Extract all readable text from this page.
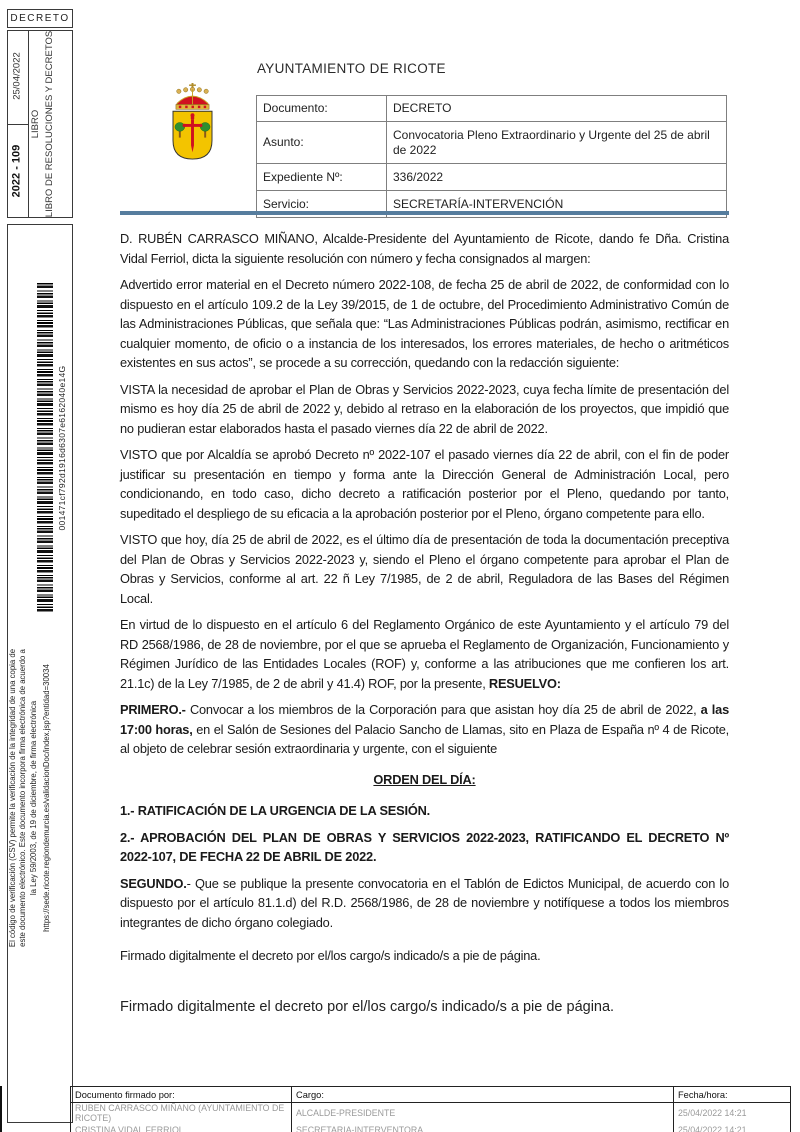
DECRETO
25/04/2022
2022 - 109
LIBRO LIBRO DE RESOLUCIONES Y DECRETOS
001471cf792d1916d6307e6162040e14G
El código de verificación (CSV) permite la verificación de la integridad de una copia de este documento electrónico. Este documento incorpora firma electrónica de acuerdo a la Ley 59/2003, de 19 de diciembre, de firma electrónica https://sede.ricote.regiondemurcia.es/validacionDoc/index.jsp?entidad=30034
AYUNTAMIENTO DE RICOTE
Documento:	DECRETO
Asunto:	Convocatoria Pleno Extraordinario y Urgente del 25 de abril de 2022
Expediente Nº:	336/2022
Servicio:	SECRETARÍA-INTERVENCIÓN

D. RUBÉN CARRASCO MIÑANO, Alcalde-Presidente del Ayuntamiento de Ricote, dando fe Dña. Cristina Vidal Ferriol, dicta la siguiente resolución con número y fecha consignados al margen:

Advertido error material en el Decreto número 2022-108, de fecha 25 de abril de 2022, de conformidad con lo dispuesto en el artículo 109.2 de la Ley 39/2015, de 1 de octubre, del Procedimiento Administrativo Común de las Administraciones Públicas, que señala que: “Las Administraciones Públicas podrán, asimismo, rectificar en cualquier momento, de oficio o a instancia de los interesados, los errores materiales, de hecho o aritméticos existentes en sus actos”, se procede a su corrección, quedando con la redacción siguiente:

VISTA la necesidad de aprobar el Plan de Obras y Servicios 2022-2023, cuya fecha límite de presentación del mismo es hoy día 25 de abril de 2022 y, debido al retraso en la elaboración de los proyectos, que impidió que no pudieran estar elaborados hasta el pasado viernes día 22 de abril de 2022.

VISTO que por Alcaldía se aprobó Decreto nº 2022-107 el pasado viernes día 22 de abril, con el fin de poder justificar su presentación en tiempo y forma ante la Dirección General de Administración Local, pero condicionando, en todo caso, dicho decreto a ratificación posterior por el Pleno, quedando por tanto, supeditado el despliego de su eficacia a la aprobación posterior por el Pleno, órgano competente para ello.

VISTO que hoy, día 25 de abril de 2022, es el último día de presentación de toda la documentación preceptiva del Plan de Obras y Servicios 2022-2023 y, siendo el Pleno el órgano competente para aprobar el Plan de Obras y Servicios, conforme al art. 22 ñ Ley 7/1985, de 2 de abril, Reguladora de las Bases del Régimen Local.

En virtud de lo dispuesto en el artículo 6 del Reglamento Orgánico de este Ayuntamiento y el artículo 79 del RD 2568/1986, de 28 de noviembre, por el que se aprueba el Reglamento de Organización, Funcionamiento y Régimen Jurídico de las Entidades Locales (ROF) y, conforme a las atribuciones que me confieren los art. 21.1c) de la Ley 7/1985, de 2 de abril y 41.4) ROF, por la presente, RESUELVO:

PRIMERO.- Convocar a los miembros de la Corporación para que asistan hoy día 25 de abril de 2022, a las 17:00 horas, en el Salón de Sesiones del Palacio Sancho de Llamas, sito en Plaza de España nº 4 de Ricote, al objeto de celebrar sesión extraordinaria y urgente, con el siguiente

ORDEN DEL DÍA:

1.- RATIFICACIÓN DE LA URGENCIA DE LA SESIÓN.

2.- APROBACIÓN DEL PLAN DE OBRAS Y SERVICIOS 2022-2023, RATIFICANDO EL DECRETO Nº 2022-107, DE FECHA 22 DE ABRIL DE 2022.

SEGUNDO.- Que se publique la presente convocatoria en el Tablón de Edictos Municipal, de acuerdo con lo dispuesto por el artículo 81.1.d) del R.D. 2568/1986, de 28 de noviembre y notifíquese a todos los miembros integrantes de dicho órgano colegiado.

Firmado digitalmente el decreto por el/los cargo/s indicado/s a pie de página.

Firmado digitalmente el decreto por el/los cargo/s indicado/s a pie de página.

Documento firmado por:	Cargo:	Fecha/hora:
RUBEN CARRASCO MIÑANO (AYUNTAMIENTO DE RICOTE)	ALCALDE-PRESIDENTE	25/04/2022 14:21
CRISTINA VIDAL FERRIOL	SECRETARIA-INTERVENTORA	25/04/2022 14:21
